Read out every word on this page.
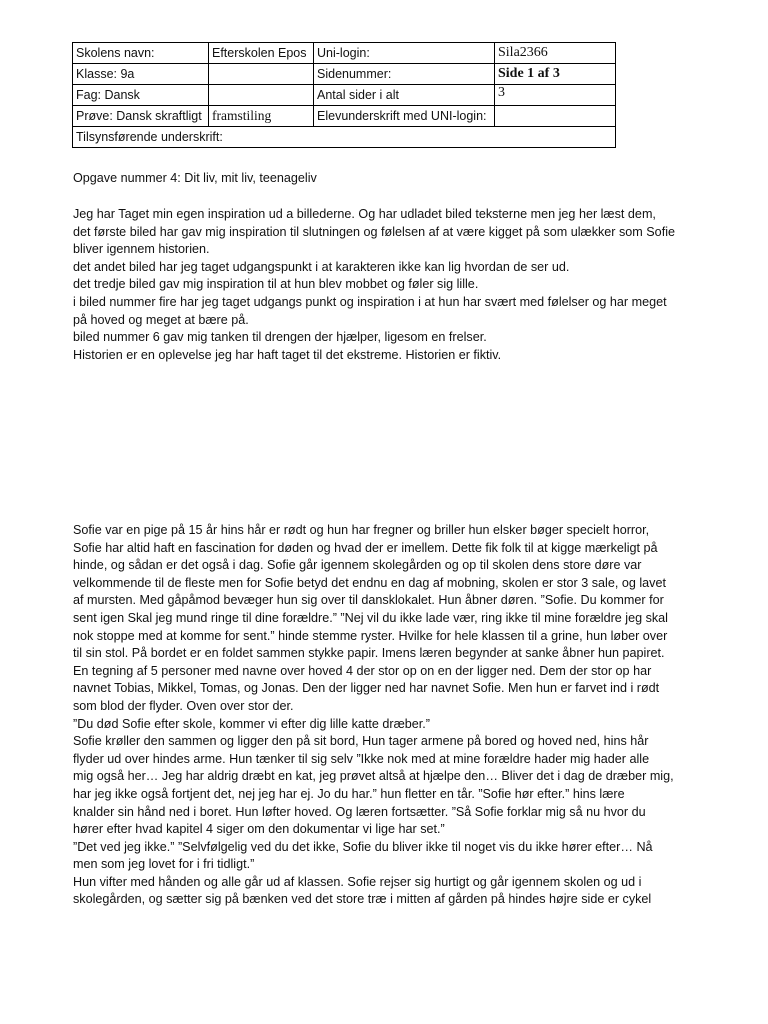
Skolens navn:	Efterskolen Epos	Uni-login:	Sila2366
Klasse: 9a		Sidenummer:	Side 1 af 3
Fag: Dansk		Antal sider i alt	3
Prøve: Dansk skraftligt	framstiling	Elevunderskrift med UNI-login:	
Tilsynsførende underskrift:			

Opgave nummer 4: Dit liv, mit liv, teenageliv

Jeg har Taget min egen inspiration ud a billederne. Og har udladet biled teksterne men jeg her læst dem,

det første biled har gav mig inspiration til slutningen og følelsen af at være kigget på som ulækker som Sofie

bliver igennem historien.

det andet biled har jeg taget udgangspunkt i at karakteren ikke kan lig hvordan de ser ud.

det tredje biled gav mig inspiration til at hun blev mobbet og føler sig lille.

i biled nummer fire har jeg taget udgangs punkt og inspiration i at hun har svært med følelser og har meget

på hoved og meget at bære på.

biled nummer 6 gav mig tanken til drengen der hjælper, ligesom en frelser.

Historien er en oplevelse jeg har haft taget til det ekstreme. Historien er fiktiv.

Sofie var en pige på 15 år hins hår er rødt og hun har fregner og briller hun elsker bøger specielt horror,

Sofie har altid haft en fascination for døden og hvad der er imellem. Dette fik folk til at kigge mærkeligt på

hinde, og sådan er det også i dag. Sofie går igennem skolegården og op til skolen dens store døre var

velkommende til de fleste men for Sofie betyd det endnu en dag af mobning, skolen er stor 3 sale, og lavet

af mursten. Med gåpåmod bevæger hun sig over til dansklokalet. Hun åbner døren. ”Sofie. Du kommer for

sent igen Skal jeg mund ringe til dine forældre.” ”Nej vil du ikke lade vær, ring ikke til mine forældre jeg skal

nok stoppe med at komme for sent.” hinde stemme ryster. Hvilke for hele klassen til a grine, hun løber over

til sin stol. På bordet er en foldet sammen stykke papir. Imens læren begynder at sanke åbner hun papiret.

En tegning af 5 personer med navne over hoved 4 der stor op on en der ligger ned. Dem der stor op har

navnet Tobias, Mikkel, Tomas, og Jonas. Den der ligger ned har navnet Sofie. Men hun er farvet ind i rødt

som blod der flyder. Oven over stor der.

”Du død Sofie efter skole, kommer vi efter dig lille katte dræber.”

Sofie krøller den sammen og ligger den på sit bord, Hun tager armene på bored og hoved ned, hins hår

flyder ud over hindes arme. Hun tænker til sig selv ”Ikke nok med at mine forældre hader mig hader alle

mig også her… Jeg har aldrig dræbt en kat, jeg prøvet altså at hjælpe den… Bliver det i dag de dræber mig,

har jeg ikke også fortjent det, nej jeg har ej. Jo du har.” hun fletter en tår. ”Sofie hør efter.” hins lære

knalder sin hånd ned i boret. Hun løfter hoved. Og læren fortsætter. ”Så Sofie forklar mig så nu hvor du

hører efter hvad kapitel 4 siger om den dokumentar vi lige har set.”

”Det ved jeg ikke.” ”Selvfølgelig ved du det ikke, Sofie du bliver ikke til noget vis du ikke hører efter… Nå

men som jeg lovet for i fri tidligt.”

Hun vifter med hånden og alle går ud af klassen. Sofie rejser sig hurtigt og går igennem skolen og ud i

skolegården, og sætter sig på bænken ved det store træ i mitten af gården på hindes højre side er cykel
